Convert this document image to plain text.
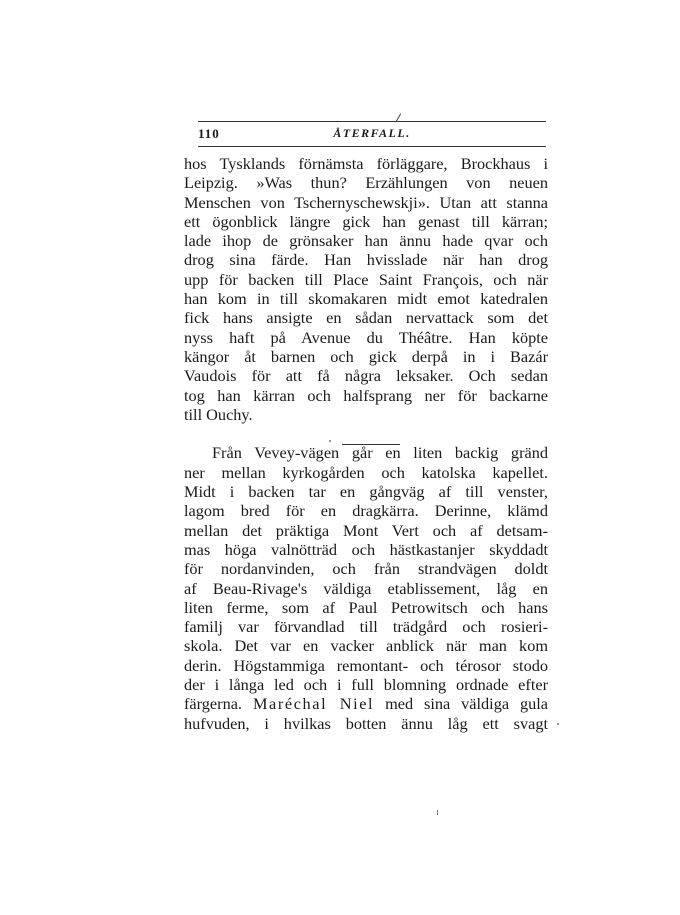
110	ÅTERFALL.
hos Tysklands förnämsta förläggare, Brockhaus i
Leipzig. »Was thun? Erzählungen von neuen
Menschen von Tschernyschewskji». Utan att stanna
ett ögonblick längre gick han genast till kärran;
lade ihop de grönsaker han ännu hade qvar och
drog sina färde. Han hvisslade när han drog
upp för backen till Place Saint François, och när
han kom in till skomakaren midt emot katedralen
fick hans ansigte en sådan nervattack som det
nyss haft på Avenue du Théâtre. Han köpte
kängor åt barnen och gick derpå in i Bazár
Vaudois för att få några leksaker. Och sedan
tog han kärran och halfsprang ner för backarne
till Ouchy.
Från Vevey-vägen går en liten backig gränd
ner mellan kyrkogården och katolska kapellet.
Midt i backen tar en gångväg af till venster,
lagom bred för en dragkärra. Derinne, klämd
mellan det präktiga Mont Vert och af detsam-
mas höga valnötträd och hästkastanjer skyddadt
för nordanvinden, och från strandvägen doldt
af Beau-Rivage's väldiga etablissement, låg en
liten ferme, som af Paul Petrowitsch och hans
familj var förvandlad till trädgård och rosieri-
skola. Det var en vacker anblick när man kom
derin. Högstammiga remontant- och térosor stodo
der i långa led och i full blomning ordnade efter
färgerna. Maréchal Niel med sina väldiga gula
hufvuden, i hvilkas botten ännu låg ett svagt
